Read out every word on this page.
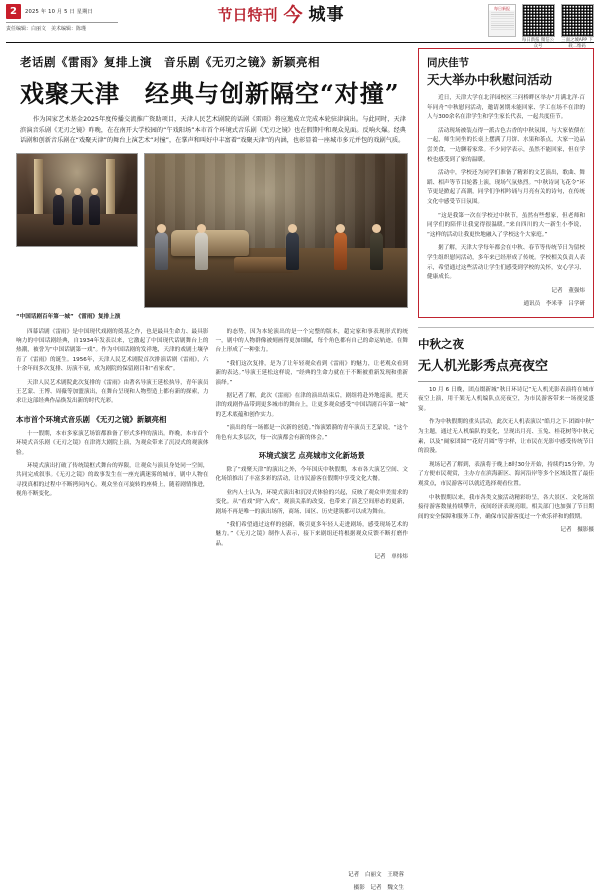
2	2025 年 10 月 5 日 星期日
责任编辑：白丽文　美术编辑：陈瑾
节日特刊 今 城事	每日新报
每日新报 微信公众号
三面之城APP 下载二维码
老话剧《雷雨》复排上演　音乐剧《无刃之镜》新颖亮相
戏聚天津　经典与创新隔空“对撞”
作为国家艺术基金2025年度传播交流推广资助项目，天津人民艺术剧院的话剧《雷雨》将应邀成立完成本轮驻津演出。与此同时，天津滨演音乐剧《无刃之镜》昨晚，在在南开大学校园的“午戏阳场”本市首个环境式音乐剧《无刃之镜》也在假期中和观众见面。反响火爆。经典话剧和创新音乐剧在“戏聚天津”的舞台上演艺术“对撞”，在掌声和叫好中丰富着“戏聚天津”的内涵，也彰显着一座城市多元并包的戏剧气质。
“中国话剧百年第一城” 《雷雨》复排上演

四幕话剧《雷雨》是中国现代戏剧的奠基之作，也是最具生命力、最具影响力的中国话剧经典，自1934年发表以来，它激起了中国现代话剧舞台上的热潮，被誉为“中国话剧第一戏”。作为中国话剧的发祥地，天津的戏剧土壤孕育了《雷雨》的诞生。1956年，天津人民艺术剧院首次排演话剧《雷雨》，六十余年间多次复排、历演不衰，成为剧院的保留剧目和“看家戏”。

天津人民艺术剧院此次复排的《雷雨》由著名导演王延松执导，青年演员王艺蒙、王博、周薇等加盟演出，在舞台呈现和人物塑造上都有新的探索，力求让这部经典作品焕发出新的时代光彩。

本市首个环境式音乐剧 《无刃之镜》新颖亮相

十一假期，本市多家演艺场馆都准备了形式多样的演出。昨晚，本市首个环境式音乐剧《无刃之镜》在津湾大剧院上演，为观众带来了沉浸式的观演体验。

环境式演出打破了传统镜框式舞台的界限，让观众与演员身处同一空间，共同完成叙事。《无刃之镜》的故事发生在一座充满迷雾的城市，剧中人物在寻找真相的过程中不断拷问内心。观众坐在可旋转的座椅上，随着剧情推进，视角不断变化。

的态势，因为本轮演出的是一个完整的版本，超完家和事表现形式的统一，剧中的人物群像被刻画得更加细腻，每个角色都有自己的命运轨迹，在舞台上形成了一种张力。

“我们这次复排，是为了让年轻观众看到《雷雨》的魅力，让老观众看到新的表达。”导演王延松这样说，“经典的生命力就在于不断被重新发现和重新演绎。”

据记者了解，此次《雷雨》在津的演出结束后，剧组将赴外地巡演，把天津的戏剧作品带到更多城市的舞台上，让更多观众感受“中国话剧百年第一城”的艺术底蕴和创作实力。

“演出的每一场都是一次新的创造。”饰演繁漪的青年演员王艺蒙说，“这个角色有太多层次，每一次演都会有新的体会。”

环境式演艺 点亮城市文化新场景

除了“戏聚天津”的演出之外，今年国庆中秋假期，本市各大演艺空间、文化场馆推出了丰富多彩的活动，让市民游客在假期中享受文化大餐。

业内人士认为，环境式演出和沉浸式体验的兴起，反映了观众审美需求的变化。从“看戏”到“入戏”，观演关系的改变，也带来了演艺空间形态的更新，剧场不再是唯一的演出场所，商场、园区、历史建筑都可以成为舞台。

“我们希望通过这样的创新，吸引更多年轻人走进剧场，感受现场艺术的魅力。”《无刃之镜》制作人表示，接下来剧组还将根据观众反馈不断打磨作品。

记者　单炜炜
记者　白丽文　王晓蓉
摄影　记者　魏文生
同庆佳节
天大举办中秋慰问活动

近日，天津大学在北洋园校区三问桥畔区举办“月满北洋·百年同舟”中秋慰问活动，邀请暑期未能回家、学工在场不在津的人与300余名在津学生和学生家长代表，一起共度佳节。

活动现场被装点得一派古色古香的中秋氛围，与大家依偎在一起，师生同坐的长桌上摆满了月饼、水果和茶点，大家一边品尝美食，一边聊着家常。不少同学表示，虽然不能回家，但在学校也感受到了家的温暖。

活动中，学校还为同学们准备了精彩的文艺演出，歌曲、舞蹈、相声等节目轮番上演，现场气氛热烈。“中秋诗词飞花令”环节更是掀起了高潮，同学们争相吟诵与月亮有关的诗句，在传统文化中感受节日氛围。

“这是我第一次在学校过中秋节，虽然有些想家，但老师和同学们的陪伴让我觉得很温暖。”来自四川的大一新生小李说，“这样的活动让我更快地融入了学校这个大家庭。”

据了解，天津大学每年都会在中秋、春节等传统节日为留校学生组织慰问活动，多年来已经形成了传统。学校相关负责人表示，希望通过这些活动让学生们感受到学校的关怀，安心学习、健康成长。

记者　董强炜
通讯员　李米菲　吕学研
中秋之夜
无人机光影秀点亮夜空

10 月 6 日晚，团点缀新城“秋日环诗记”无人机光影表演将在城市夜空上演，用千架无人机编队点亮夜空，为市民游客带来一场视觉盛宴。

作为中秋假期的重头活动，此次无人机表演以“皓月之下·团圆中秋”为主题，通过无人机编队的变化，呈现出月亮、玉兔、桂花树等中秋元素，以及“阔家团圆”“花好月圆”等字样，让市民在光影中感受传统节日的浪漫。

现场记者了解到，表演将于晚上8时30分开始，持续约15分钟。为了方便市民观赏，主办方在滨海新区、海河沿岸等多个区域设置了最佳观赏点，市民游客可以就近选择观看位置。

中秋假期以来，我市各类文旅活动精彩纷呈，各大景区、文化场馆接待游客数量持续攀升，夜间经济表现亮眼。相关部门也加强了节日期间的安全保障和服务工作，确保市民游客度过一个欢乐祥和的假期。

记者　摄影摄
